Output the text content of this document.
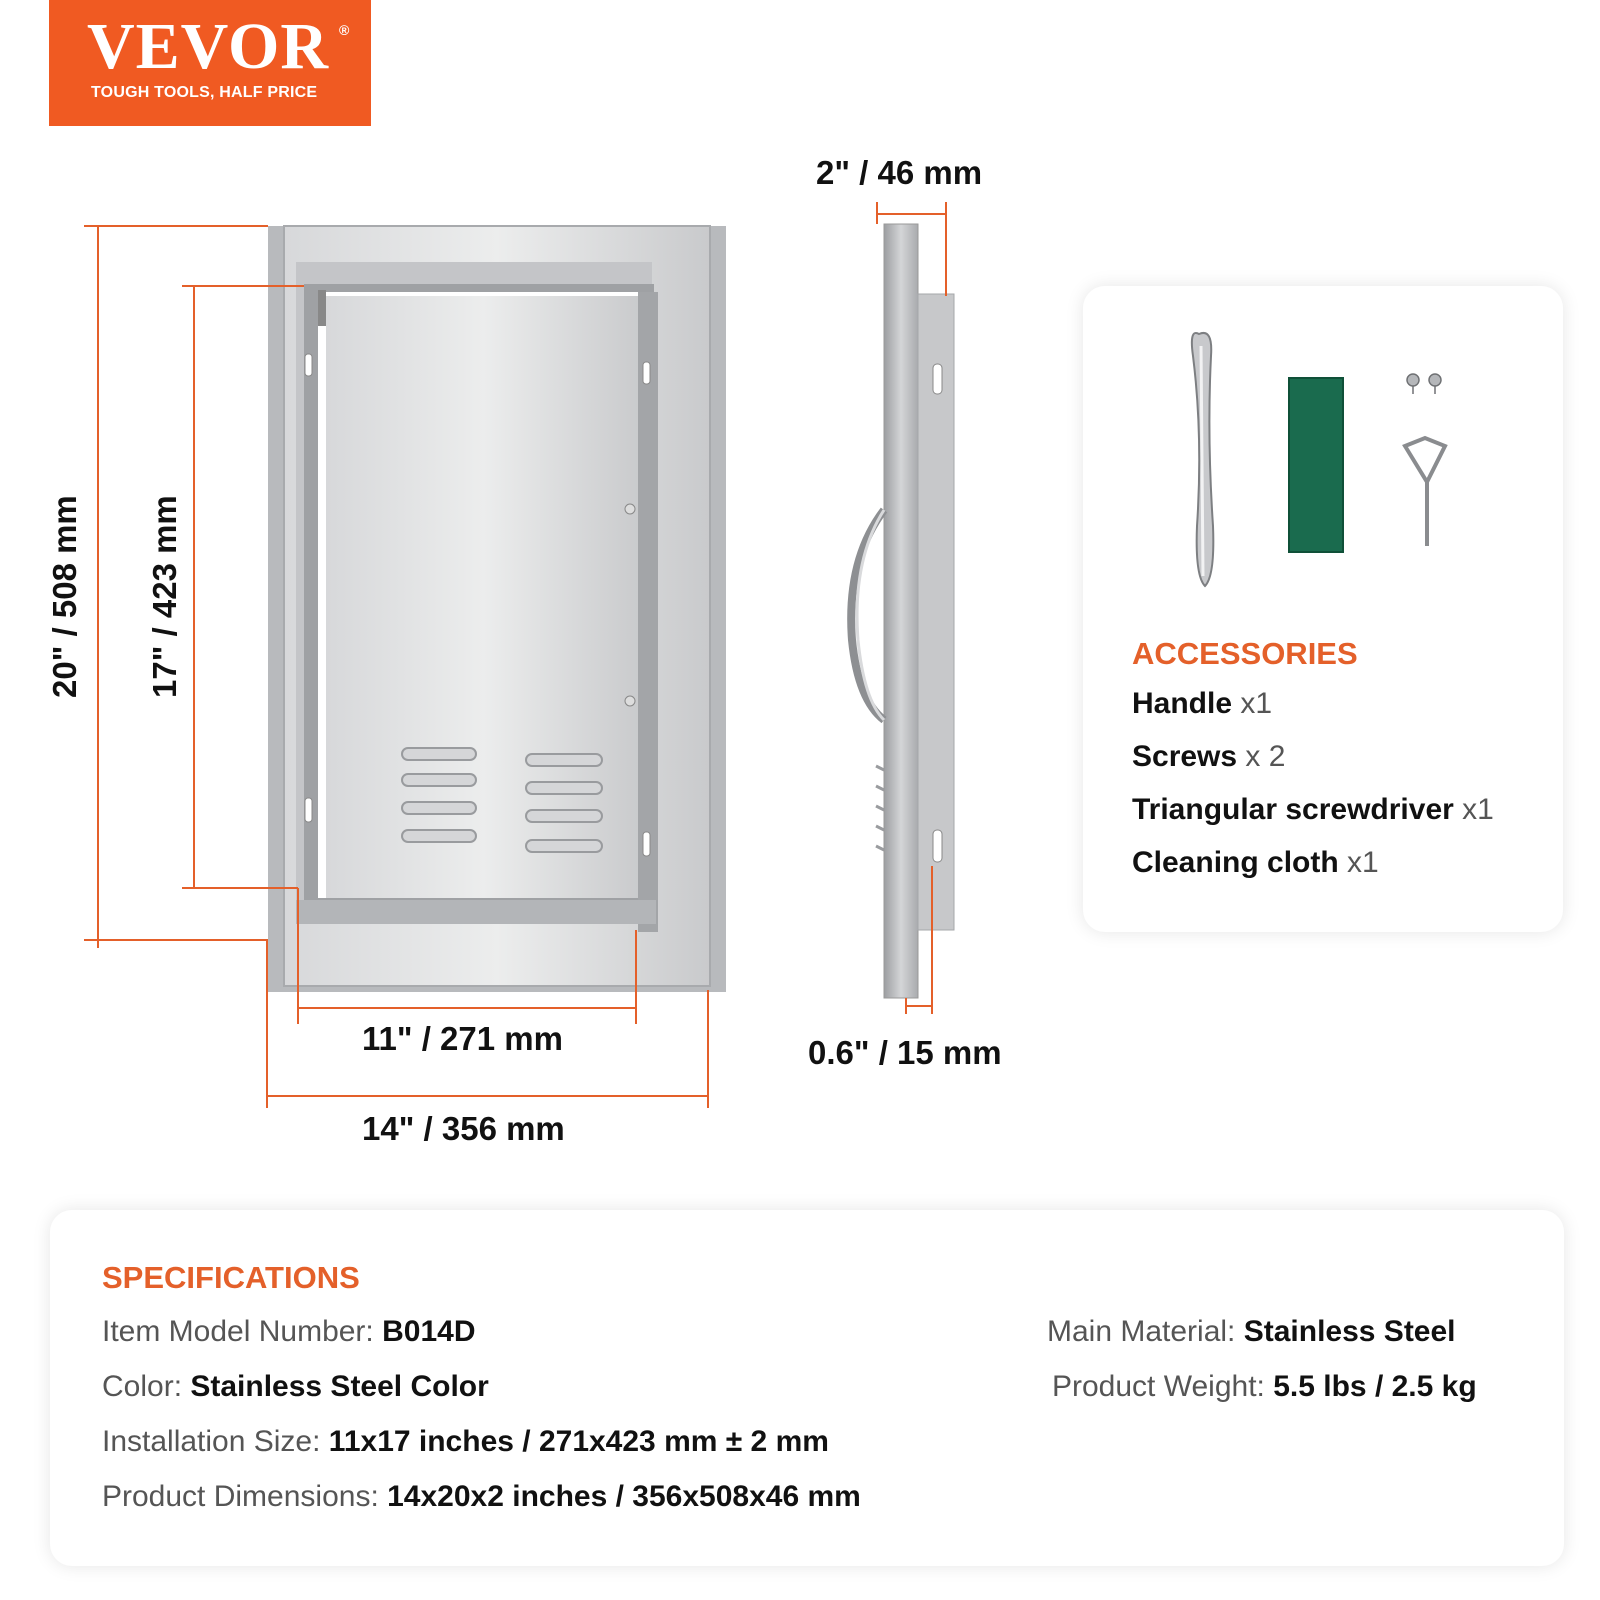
VEVOR ®
TOUGH TOOLS, HALF PRICE
20" / 508 mm 17" / 423 mm
11" / 271 mm
14" / 356 mm
2" / 46 mm
0.6" / 15 mm
ACCESSORIES
Handle x1
Screws x 2
Triangular screwdriver x1
Cleaning cloth x1
SPECIFICATIONS
Item Model Number: B014D
Color: Stainless Steel Color
Installation Size: 11x17 inches / 271x423 mm ± 2 mm
Product Dimensions: 14x20x2 inches / 356x508x46 mm
Main Material: Stainless Steel
Product Weight: 5.5 lbs / 2.5 kg
